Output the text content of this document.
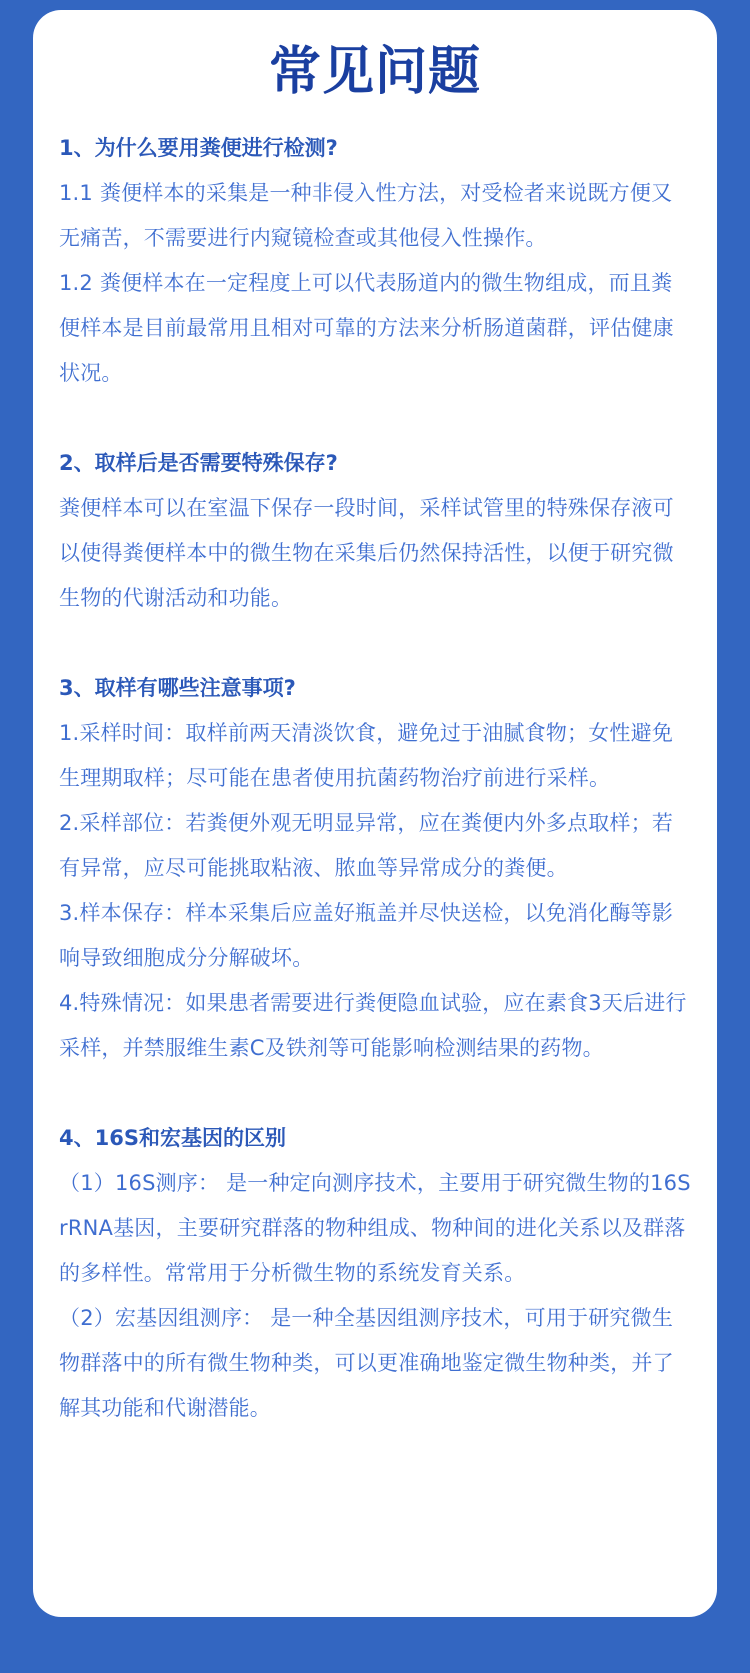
常见问题
1、为什么要用粪便进行检测?
1.1 粪便样本的采集是一种非侵入性方法，对受检者来说既方便又无痛苦，不需要进行内窥镜检查或其他侵入性操作。
1.2 粪便样本在一定程度上可以代表肠道内的微生物组成，而且粪便样本是目前最常用且相对可靠的方法来分析肠道菌群，评估健康状况。
2、取样后是否需要特殊保存?
粪便样本可以在室温下保存一段时间，采样试管里的特殊保存液可以使得粪便样本中的微生物在采集后仍然保持活性，以便于研究微生物的代谢活动和功能。
3、取样有哪些注意事项?
1.采样时间：取样前两天清淡饮食，避免过于油腻食物；女性避免生理期取样；尽可能在患者使用抗菌药物治疗前进行采样。
2.采样部位：若粪便外观无明显异常，应在粪便内外多点取样；若有异常，应尽可能挑取粘液、脓血等异常成分的粪便。
3.样本保存：样本采集后应盖好瓶盖并尽快送检，以免消化酶等影响导致细胞成分分解破坏。
4.特殊情况：如果患者需要进行粪便隐血试验，应在素食3天后进行采样，并禁服维生素C及铁剂等可能影响检测结果的药物。
4、16S和宏基因的区别
（1）16S测序： 是一种定向测序技术，主要用于研究微生物的16S rRNA基因，主要研究群落的物种组成、物种间的进化关系以及群落的多样性。常常用于分析微生物的系统发育关系。
（2）宏基因组测序： 是一种全基因组测序技术，可用于研究微生物群落中的所有微生物种类，可以更准确地鉴定微生物种类，并了解其功能和代谢潜能。
